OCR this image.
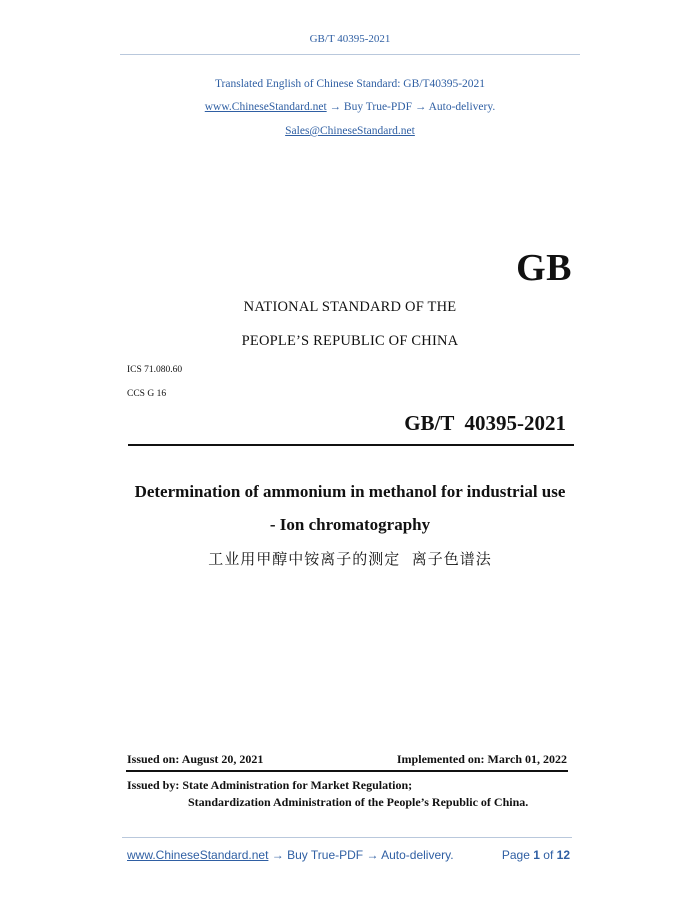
GB/T 40395-2021
Translated English of Chinese Standard: GB/T40395-2021
www.ChineseStandard.net → Buy True-PDF → Auto-delivery.
Sales@ChineseStandard.net
GB
NATIONAL STANDARD OF THE
PEOPLE’S REPUBLIC OF CHINA
ICS 71.080.60
CCS G 16
GB/T  40395-2021
Determination of ammonium in methanol for industrial use
- Ion chromatography
工业用甲醇中铵离子的测定  离子色谱法
Issued on: August 20, 2021	Implemented on: March 01, 2022
Issued by: State Administration for Market Regulation;
Standardization Administration of the People’s Republic of China.
www.ChineseStandard.net → Buy True-PDF → Auto-delivery.	Page 1 of 12
